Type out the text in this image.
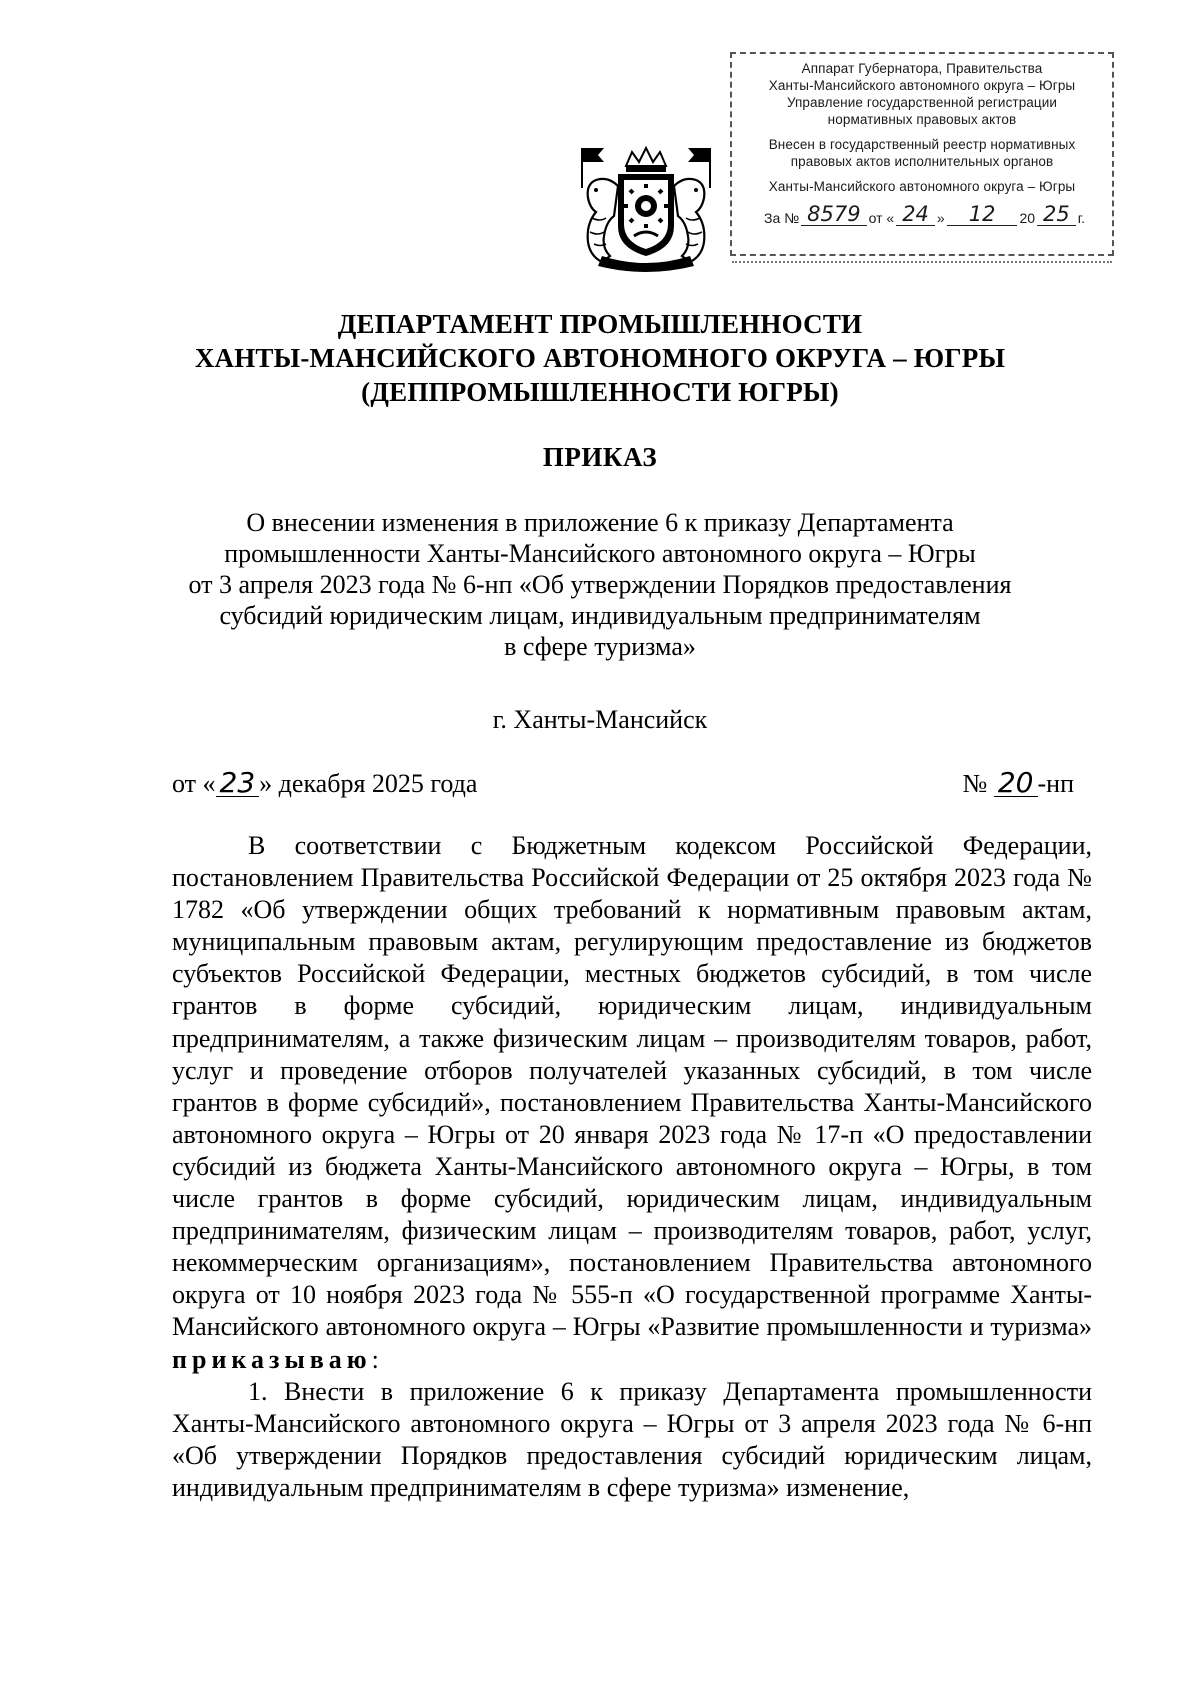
Аппарат Губернатора, Правительства
Ханты-Мансийского автономного округа – Югры
Управление государственной регистрации
нормативных правовых актов
Внесен в государственный реестр нормативных
правовых актов исполнительных органов
Ханты-Мансийского автономного округа – Югры
За № 8579 от « 24 »	12	20 25 г.
ДЕПАРТАМЕНТ ПРОМЫШЛЕННОСТИ
ХАНТЫ-МАНСИЙСКОГО АВТОНОМНОГО ОКРУГА – ЮГРЫ
(ДЕППРОМЫШЛЕННОСТИ ЮГРЫ)
ПРИКАЗ
О внесении изменения в приложение 6 к приказу Департамента
промышленности Ханты-Мансийского автономного округа – Югры
от 3 апреля 2023 года № 6-нп «Об утверждении Порядков предоставления
субсидий юридическим лицам, индивидуальным предпринимателям
в сфере туризма»
г. Ханты-Мансийск
от « 23 » декабря 2025 года	№ 20 -нп

В соответствии с Бюджетным кодексом Российской Федерации, постановлением Правительства Российской Федерации от 25 октября 2023 года № 1782 «Об утверждении общих требований к нормативным правовым актам, муниципальным правовым актам, регулирующим предоставление из бюджетов субъектов Российской Федерации, местных бюджетов субсидий, в том числе грантов в форме субсидий, юридическим лицам, индивидуальным предпринимателям, а также физическим лицам – производителям товаров, работ, услуг и проведение отборов получателей указанных субсидий, в том числе грантов в форме субсидий», постановлением Правительства Ханты-Мансийского автономного округа – Югры от 20 января 2023 года № 17-п «О предоставлении субсидий из бюджета Ханты-Мансийского автономного округа – Югры, в том числе грантов в форме субсидий, юридическим лицам, индивидуальным предпринимателям, физическим лицам – производителям товаров, работ, услуг, некоммерческим организациям», постановлением Правительства автономного округа от 10 ноября 2023 года № 555-п «О государственной программе Ханты-Мансийского автономного округа – Югры «Развитие промышленности и туризма» приказываю:

1. Внести в приложение 6 к приказу Департамента промышленности Ханты-Мансийского автономного округа – Югры от 3 апреля 2023 года № 6-нп «Об утверждении Порядков предоставления субсидий юридическим лицам, индивидуальным предпринимателям в сфере туризма» изменение,
